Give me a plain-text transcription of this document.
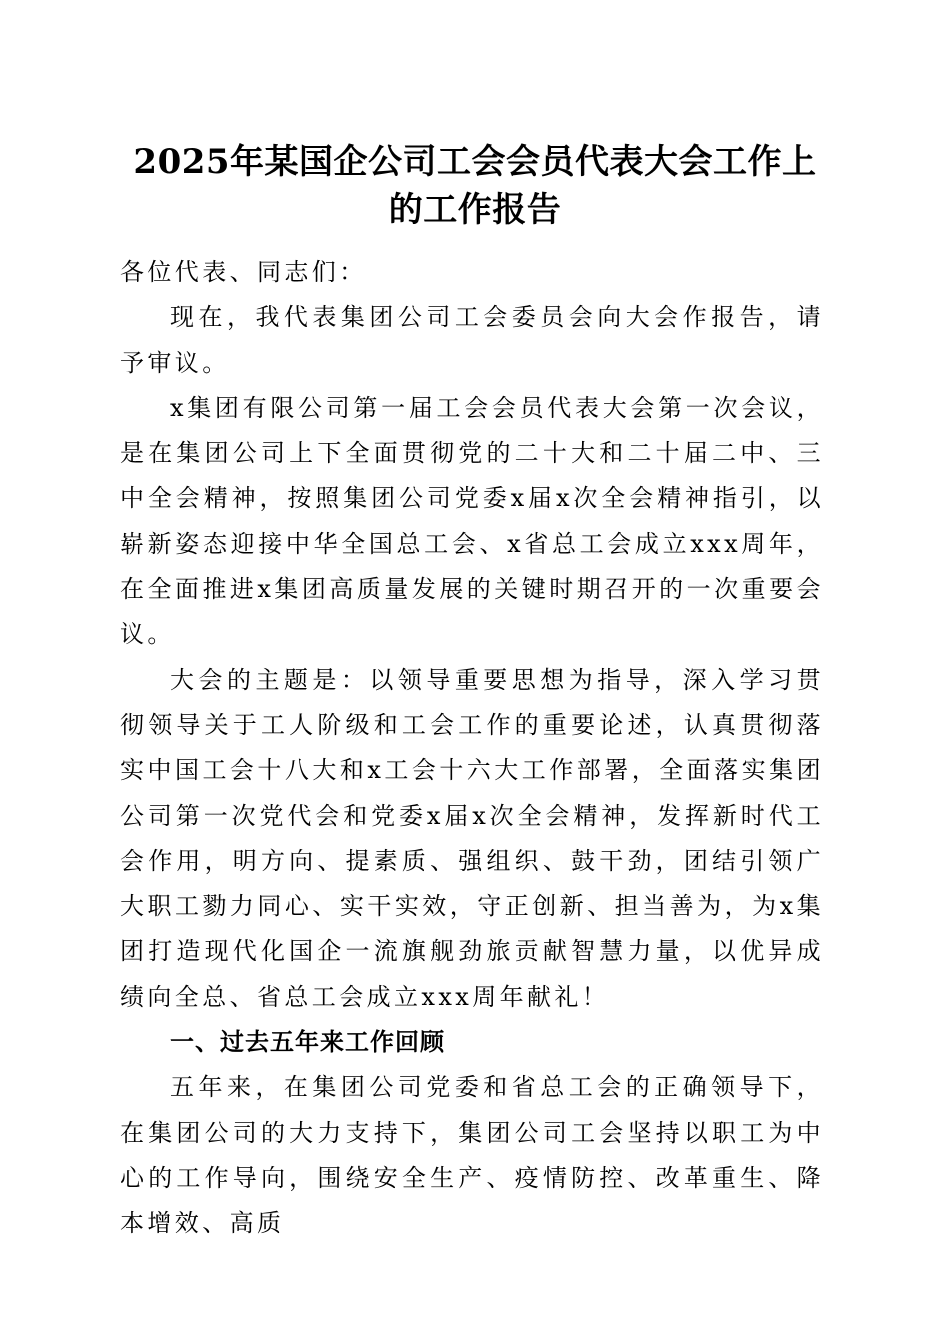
2025年某国企公司工会会员代表大会工作上
的工作报告

各位代表、同志们：

现在，我代表集团公司工会委员会向大会作报告，请予审议。

x集团有限公司第一届工会会员代表大会第一次会议，是在集团公司上下全面贯彻党的二十大和二十届二中、三中全会精神，按照集团公司党委x届x次全会精神指引，以崭新姿态迎接中华全国总工会、x省总工会成立xxx周年，在全面推进x集团高质量发展的关键时期召开的一次重要会议。

大会的主题是：以领导重要思想为指导，深入学习贯彻领导关于工人阶级和工会工作的重要论述，认真贯彻落实中国工会十八大和x工会十六大工作部署，全面落实集团公司第一次党代会和党委x届x次全会精神，发挥新时代工会作用，明方向、提素质、强组织、鼓干劲，团结引领广大职工勠力同心、实干实效，守正创新、担当善为，为x集团打造现代化国企一流旗舰劲旅贡献智慧力量，以优异成绩向全总、省总工会成立xxx周年献礼！

一、过去五年来工作回顾

五年来，在集团公司党委和省总工会的正确领导下，在集团公司的大力支持下，集团公司工会坚持以职工为中心的工作导向，围绕安全生产、疫情防控、改革重生、降本增效、高质
